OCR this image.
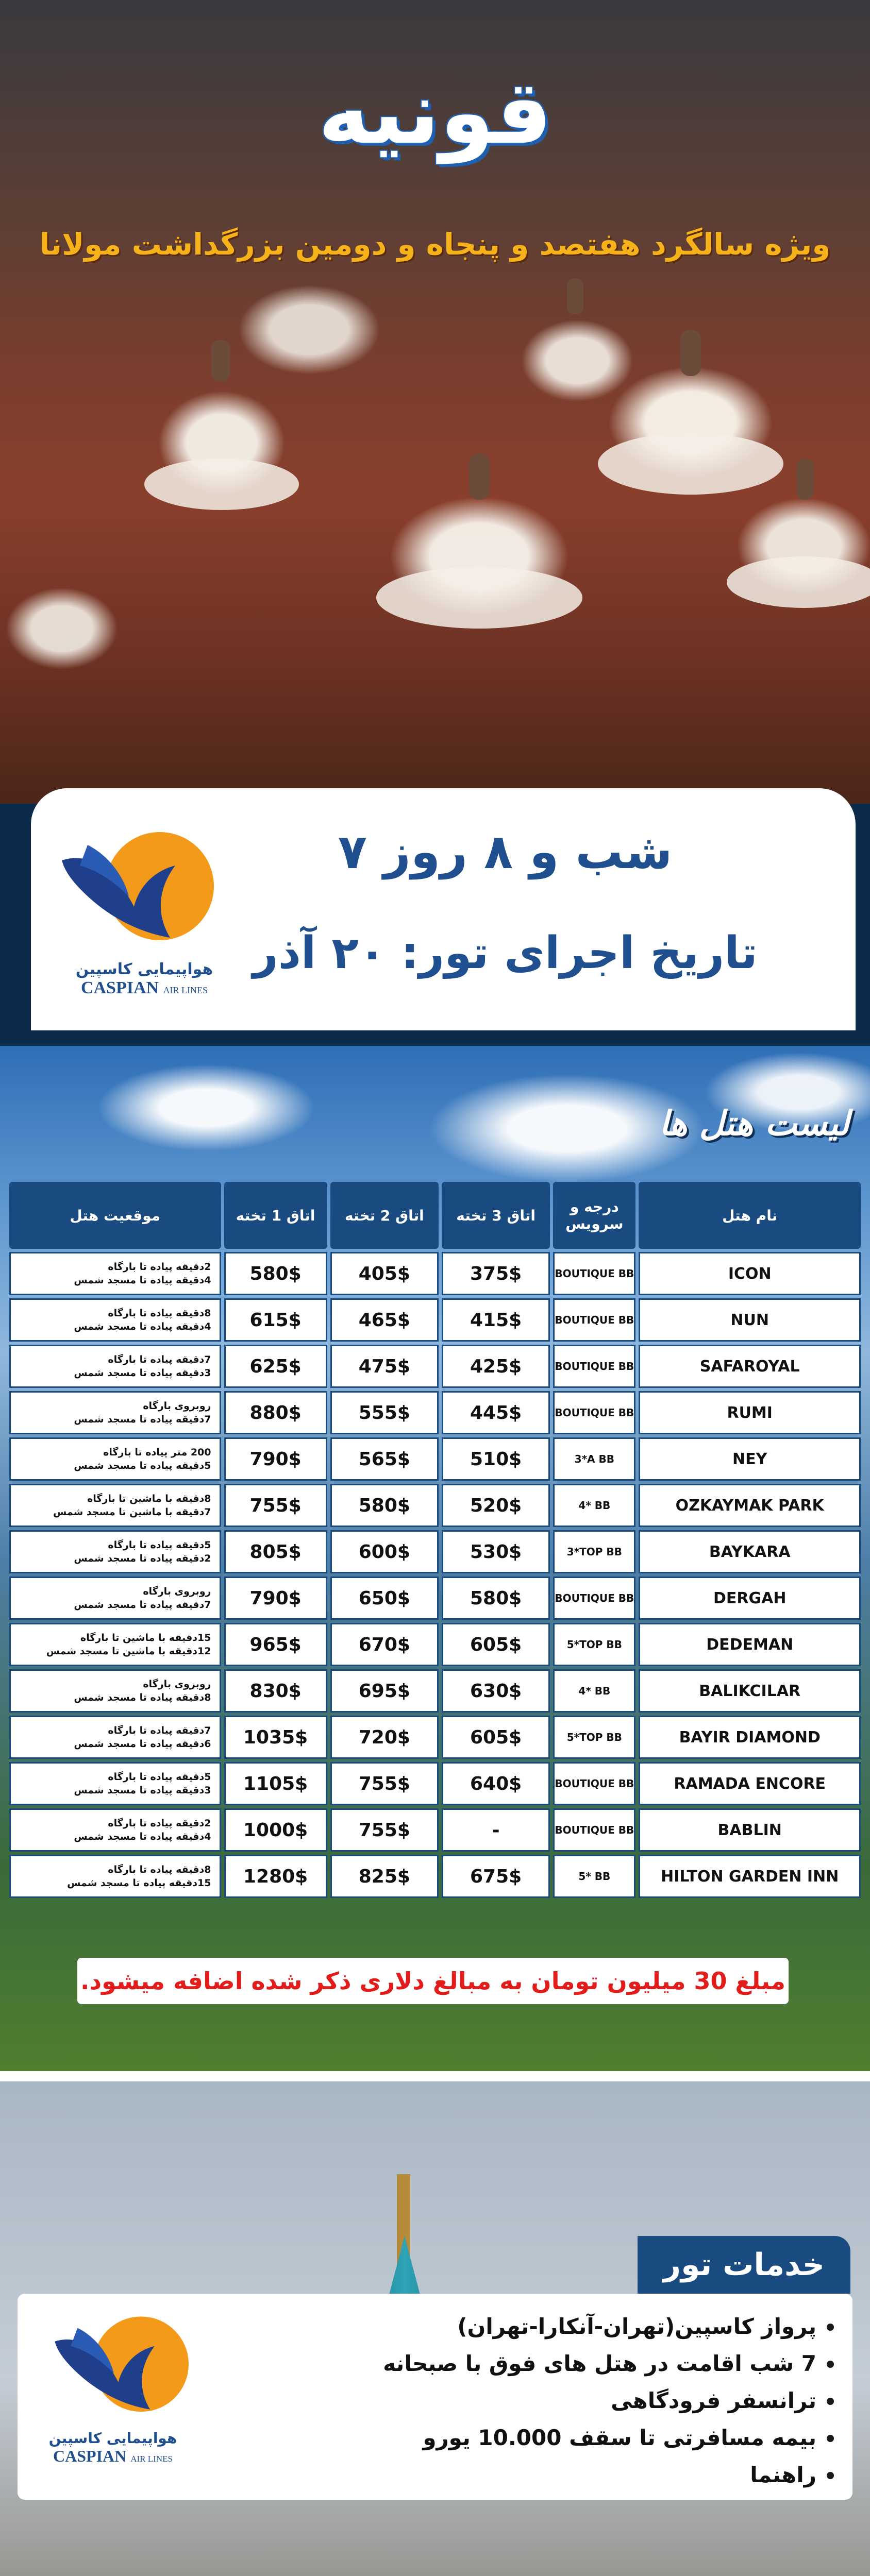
قونیه
ویژه سالگرد هفتصد و پنجاه و دومین بزرگداشت مولانا
هواپیمایی کاسپین
CASPIAN AIR LINES
۷ شب و ۸ روز
تاریخ اجرای تور: ۲۰ آذر
لیست هتل ها
موقعیت هتل	اتاق 1 تخته	اتاق 2 تخته	اتاق 3 تخته	درجه و سرویس	نام هتل

2دقیقه پیاده تا بارگاه
4دقیقه پیاده تا مسجد شمس	580$	405$	375$	BOUTIQUE BB	ICON

8دقیقه پیاده تا بارگاه
4دقیقه پیاده تا مسجد شمس	615$	465$	415$	BOUTIQUE BB	NUN

7دقیقه پیاده تا بارگاه
3دقیقه پیاده تا مسجد شمس	625$	475$	425$	BOUTIQUE BB	SAFAROYAL

روبروی بارگاه
7دقیقه پیاده تا مسجد شمس	880$	555$	445$	BOUTIQUE BB	RUMI

200 متر پیاده تا بارگاه
5دقیقه پیاده تا مسجد شمس	790$	565$	510$	3*A BB	NEY

8دقیقه با ماشین تا بارگاه
7دقیقه با ماشین تا مسجد شمس	755$	580$	520$	4* BB	OZKAYMAK PARK

5دقیقه پیاده تا بارگاه
2دقیقه پیاده تا مسجد شمس	805$	600$	530$	3*TOP BB	BAYKARA

روبروی بارگاه
7دقیقه پیاده تا مسجد شمس	790$	650$	580$	BOUTIQUE BB	DERGAH

15دقیقه با ماشین تا بارگاه
12دقیقه با ماشین تا مسجد شمس	965$	670$	605$	5*TOP BB	DEDEMAN

روبروی بارگاه
8دقیقه پیاده تا مسجد شمس	830$	695$	630$	4* BB	BALIKCILAR

7دقیقه پیاده تا بارگاه
6دقیقه پیاده تا مسجد شمس	1035$	720$	605$	5*TOP BB	BAYIR DIAMOND

5دقیقه پیاده تا بارگاه
3دقیقه پیاده تا مسجد شمس	1105$	755$	640$	BOUTIQUE BB	RAMADA ENCORE

2دقیقه پیاده تا بارگاه
4دقیقه پیاده تا مسجد شمس	1000$	755$	-	BOUTIQUE BB	BABLIN

8دقیقه پیاده تا بارگاه
15دقیقه پیاده تا مسجد شمس	1280$	825$	675$	5* BB	HILTON GARDEN INN
مبلغ 30 میلیون تومان به مبالغ دلاری ذکر شده اضافه میشود.
خدمات تور
هواپیمایی کاسپین
CASPIAN AIR LINES
پرواز کاسپین(تهران-آنکارا-تهران)
7 شب اقامت در هتل های فوق با صبحانه
ترانسفر فرودگاهی
بیمه مسافرتی تا سقف 10.000 یورو
راهنما
